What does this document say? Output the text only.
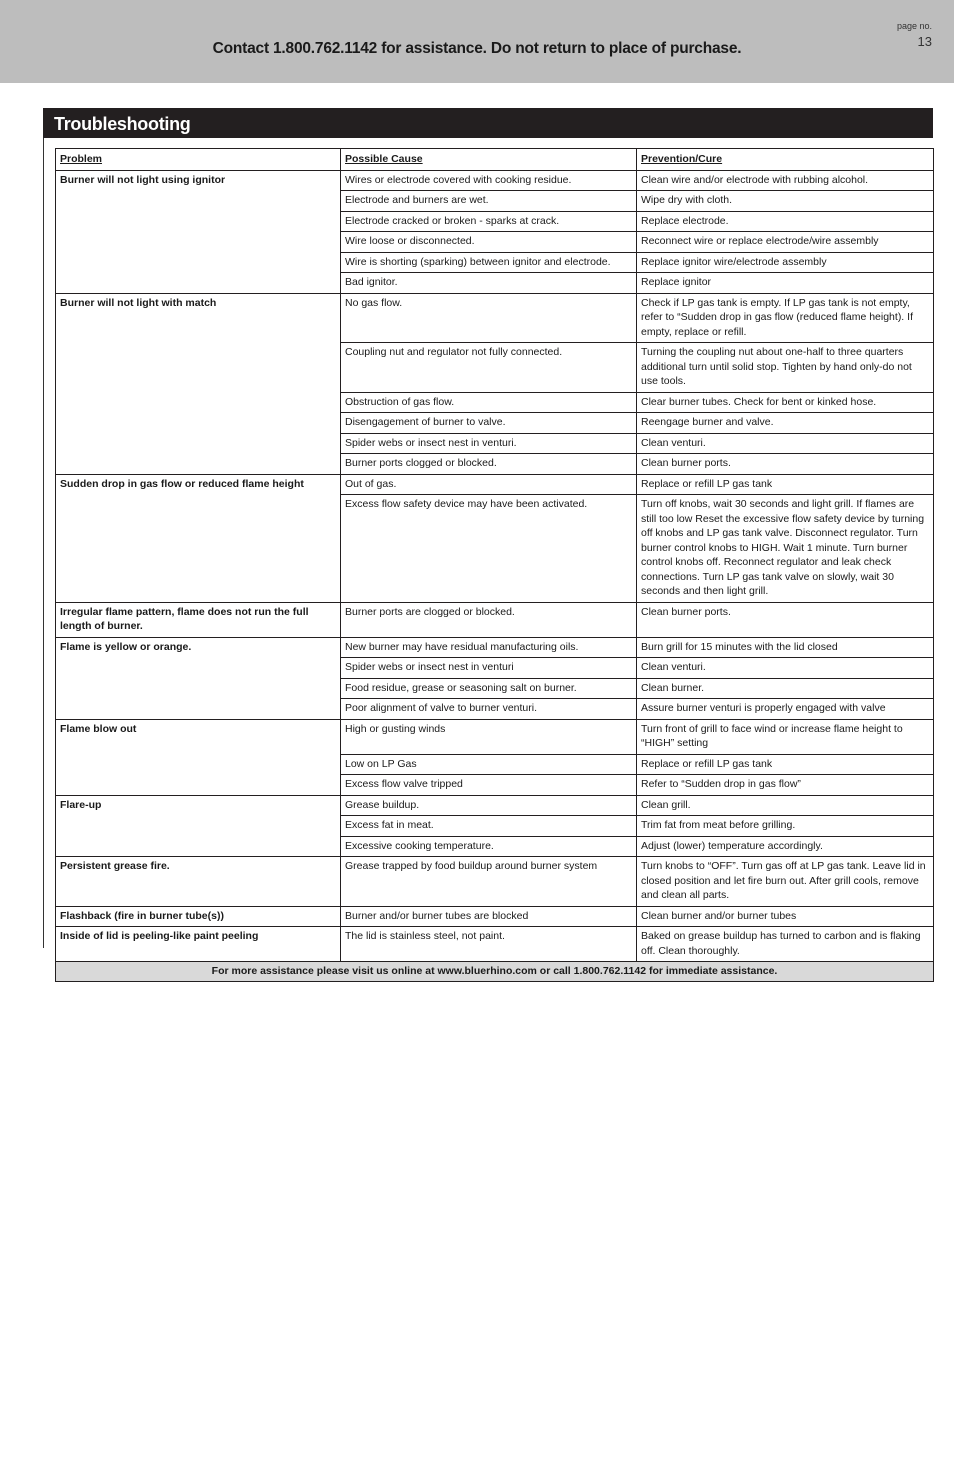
Contact 1.800.762.1142 for assistance. Do not return to place of purchase.
page no.
13
Troubleshooting
Problem	Possible Cause	Prevention/Cure
Burner will not light using ignitor	Wires or electrode covered with cooking residue.	Clean wire and/or electrode with rubbing alcohol.
	Electrode and burners are wet.	Wipe dry with cloth.
	Electrode cracked or broken - sparks at crack.	Replace electrode.
	Wire loose or disconnected.	Reconnect wire or replace electrode/wire assembly
	Wire is shorting (sparking) between ignitor and electrode.	Replace ignitor wire/electrode assembly
	Bad ignitor.	Replace ignitor
Burner will not light with match	No gas flow.	Check if LP gas tank is empty. If LP gas tank is not empty, refer to “Sudden drop in gas flow (reduced flame height). If empty, replace or refill.
	Coupling nut and regulator not fully connected.	Turning the coupling nut about one-half to three quarters additional turn until solid stop. Tighten by hand only-do not use tools.
	Obstruction of gas flow.	Clear burner tubes. Check for bent or kinked hose.
	Disengagement of burner to valve.	Reengage burner and valve.
	Spider webs or insect nest in venturi.	Clean venturi.
	Burner ports clogged or blocked.	Clean burner ports.
Sudden drop in gas flow or reduced flame height	Out of gas.	Replace or refill LP gas tank
	Excess flow safety device may have been activated.	Turn off knobs, wait 30 seconds and light grill. If flames are still too low Reset the excessive flow safety device by turning off knobs and LP gas tank valve. Disconnect regulator. Turn burner control knobs to HIGH. Wait 1 minute. Turn burner control knobs off. Reconnect regulator and leak check connections. Turn LP gas tank valve on slowly, wait 30 seconds and then light grill.
Irregular flame pattern, flame does not run the full length of burner.	Burner ports are clogged or blocked.	Clean burner ports.
Flame is yellow or orange.	New burner may have residual manufacturing oils.	Burn grill for 15 minutes with the lid closed
	Spider webs or insect nest in venturi	Clean venturi.
	Food residue, grease or seasoning salt on burner.	Clean burner.
	Poor alignment of valve to burner venturi.	Assure burner venturi is properly engaged with valve
Flame blow out	High or gusting winds	Turn front of grill to face wind or increase flame height to “HIGH” setting
	Low on LP Gas	Replace or refill LP gas tank
	Excess flow valve tripped	Refer to “Sudden drop in gas flow”
Flare-up	Grease buildup.	Clean grill.
	Excess fat in meat.	Trim fat from meat before grilling.
	Excessive cooking temperature.	Adjust (lower) temperature accordingly.
Persistent grease fire.	Grease trapped by food buildup around burner system	Turn knobs to “OFF”. Turn gas off at LP gas tank. Leave lid in closed position and let fire burn out. After grill cools, remove and clean all parts.
Flashback (fire in burner tube(s))	Burner and/or burner tubes are blocked	Clean burner and/or burner tubes
Inside of lid is peeling-like paint peeling	The lid is stainless steel, not paint.	Baked on grease buildup has turned to carbon and is flaking off. Clean thoroughly.
For more assistance please visit us online at www.bluerhino.com or call 1.800.762.1142 for immediate assistance.		
